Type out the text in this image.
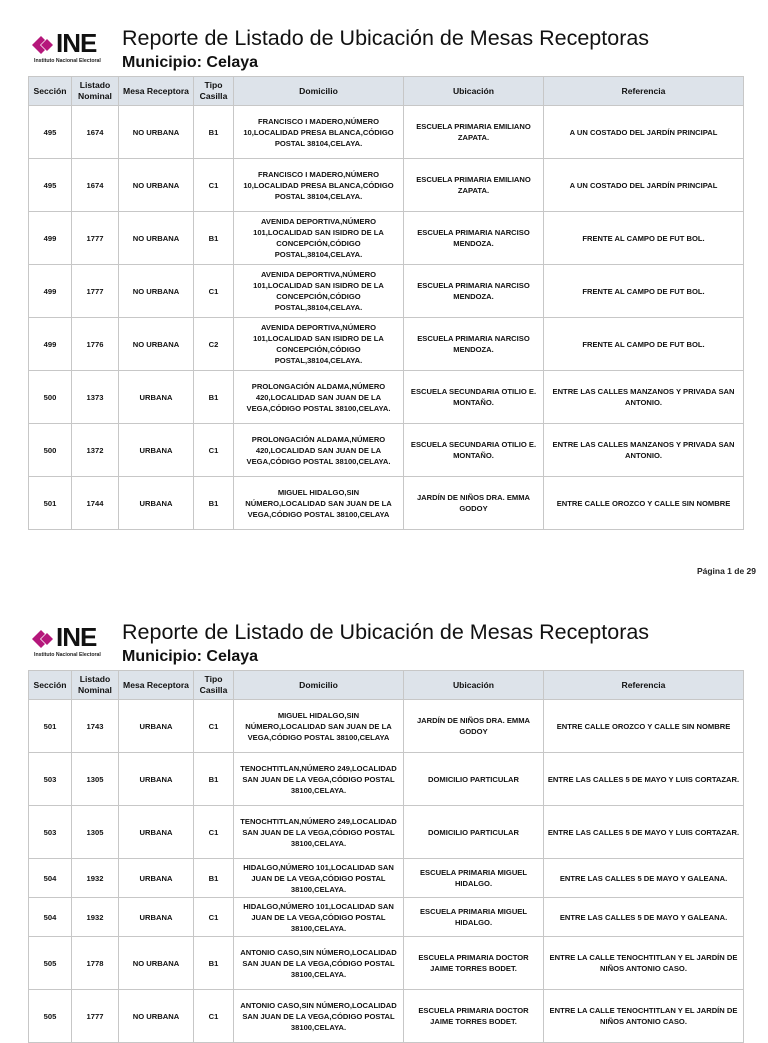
INE
Instituto Nacional Electoral
Reporte de Listado de Ubicación de Mesas Receptoras
Municipio: Celaya
Sección	Listado Nominal	Mesa Receptora	Tipo Casilla	Domicilio	Ubicación	Referencia
495	1674	NO URBANA	B1	FRANCISCO I MADERO,NÚMERO 10,LOCALIDAD PRESA BLANCA,CÓDIGO POSTAL 38104,CELAYA.	ESCUELA PRIMARIA EMILIANO ZAPATA.	A UN COSTADO DEL JARDÍN PRINCIPAL
495	1674	NO URBANA	C1	FRANCISCO I MADERO,NÚMERO 10,LOCALIDAD PRESA BLANCA,CÓDIGO POSTAL 38104,CELAYA.	ESCUELA PRIMARIA EMILIANO ZAPATA.	A UN COSTADO DEL JARDÍN PRINCIPAL
499	1777	NO URBANA	B1	AVENIDA DEPORTIVA,NÚMERO 101,LOCALIDAD SAN ISIDRO DE LA CONCEPCIÓN,CÓDIGO POSTAL,38104,CELAYA.	ESCUELA PRIMARIA NARCISO MENDOZA.	FRENTE AL CAMPO DE FUT BOL.
499	1777	NO URBANA	C1	AVENIDA DEPORTIVA,NÚMERO 101,LOCALIDAD SAN ISIDRO DE LA CONCEPCIÓN,CÓDIGO POSTAL,38104,CELAYA.	ESCUELA PRIMARIA NARCISO MENDOZA.	FRENTE AL CAMPO DE FUT BOL.
499	1776	NO URBANA	C2	AVENIDA DEPORTIVA,NÚMERO 101,LOCALIDAD SAN ISIDRO DE LA CONCEPCIÓN,CÓDIGO POSTAL,38104,CELAYA.	ESCUELA PRIMARIA NARCISO MENDOZA.	FRENTE AL CAMPO DE FUT BOL.
500	1373	URBANA	B1	PROLONGACIÓN ALDAMA,NÚMERO 420,LOCALIDAD SAN JUAN DE LA VEGA,CÓDIGO POSTAL 38100,CELAYA.	ESCUELA SECUNDARIA OTILIO E. MONTAÑO.	ENTRE LAS CALLES MANZANOS Y PRIVADA SAN ANTONIO.
500	1372	URBANA	C1	PROLONGACIÓN ALDAMA,NÚMERO 420,LOCALIDAD SAN JUAN DE LA VEGA,CÓDIGO POSTAL 38100,CELAYA.	ESCUELA SECUNDARIA OTILIO E. MONTAÑO.	ENTRE LAS CALLES MANZANOS Y PRIVADA SAN ANTONIO.
501	1744	URBANA	B1	MIGUEL HIDALGO,SIN NÚMERO,LOCALIDAD SAN JUAN DE LA VEGA,CÓDIGO POSTAL 38100,CELAYA	JARDÍN DE NIÑOS DRA. EMMA GODOY	ENTRE CALLE OROZCO Y CALLE SIN NOMBRE
Página 1 de 29
INE
Instituto Nacional Electoral
Reporte de Listado de Ubicación de Mesas Receptoras
Municipio: Celaya
Sección	Listado Nominal	Mesa Receptora	Tipo Casilla	Domicilio	Ubicación	Referencia
501	1743	URBANA	C1	MIGUEL HIDALGO,SIN NÚMERO,LOCALIDAD SAN JUAN DE LA VEGA,CÓDIGO POSTAL 38100,CELAYA	JARDÍN DE NIÑOS DRA. EMMA GODOY	ENTRE CALLE OROZCO Y CALLE SIN NOMBRE
503	1305	URBANA	B1	TENOCHTITLAN,NÚMERO 249,LOCALIDAD SAN JUAN DE LA VEGA,CÓDIGO POSTAL 38100,CELAYA.	DOMICILIO PARTICULAR	ENTRE LAS CALLES 5 DE MAYO Y LUIS CORTAZAR.
503	1305	URBANA	C1	TENOCHTITLAN,NÚMERO 249,LOCALIDAD SAN JUAN DE LA VEGA,CÓDIGO POSTAL 38100,CELAYA.	DOMICILIO PARTICULAR	ENTRE LAS CALLES 5 DE MAYO Y LUIS CORTAZAR.
504	1932	URBANA	B1	HIDALGO,NÚMERO 101,LOCALIDAD SAN JUAN DE LA VEGA,CÓDIGO POSTAL 38100,CELAYA.	ESCUELA PRIMARIA MIGUEL HIDALGO.	ENTRE LAS CALLES 5 DE MAYO Y GALEANA.
504	1932	URBANA	C1	HIDALGO,NÚMERO 101,LOCALIDAD SAN JUAN DE LA VEGA,CÓDIGO POSTAL 38100,CELAYA.	ESCUELA PRIMARIA MIGUEL HIDALGO.	ENTRE LAS CALLES 5 DE MAYO Y GALEANA.
505	1778	NO URBANA	B1	ANTONIO CASO,SIN NÚMERO,LOCALIDAD SAN JUAN DE LA VEGA,CÓDIGO POSTAL 38100,CELAYA.	ESCUELA PRIMARIA DOCTOR JAIME TORRES BODET.	ENTRE LA CALLE TENOCHTITLAN Y EL JARDÍN DE NIÑOS ANTONIO CASO.
505	1777	NO URBANA	C1	ANTONIO CASO,SIN NÚMERO,LOCALIDAD SAN JUAN DE LA VEGA,CÓDIGO POSTAL 38100,CELAYA.	ESCUELA PRIMARIA DOCTOR JAIME TORRES BODET.	ENTRE LA CALLE TENOCHTITLAN Y EL JARDÍN DE NIÑOS ANTONIO CASO.
